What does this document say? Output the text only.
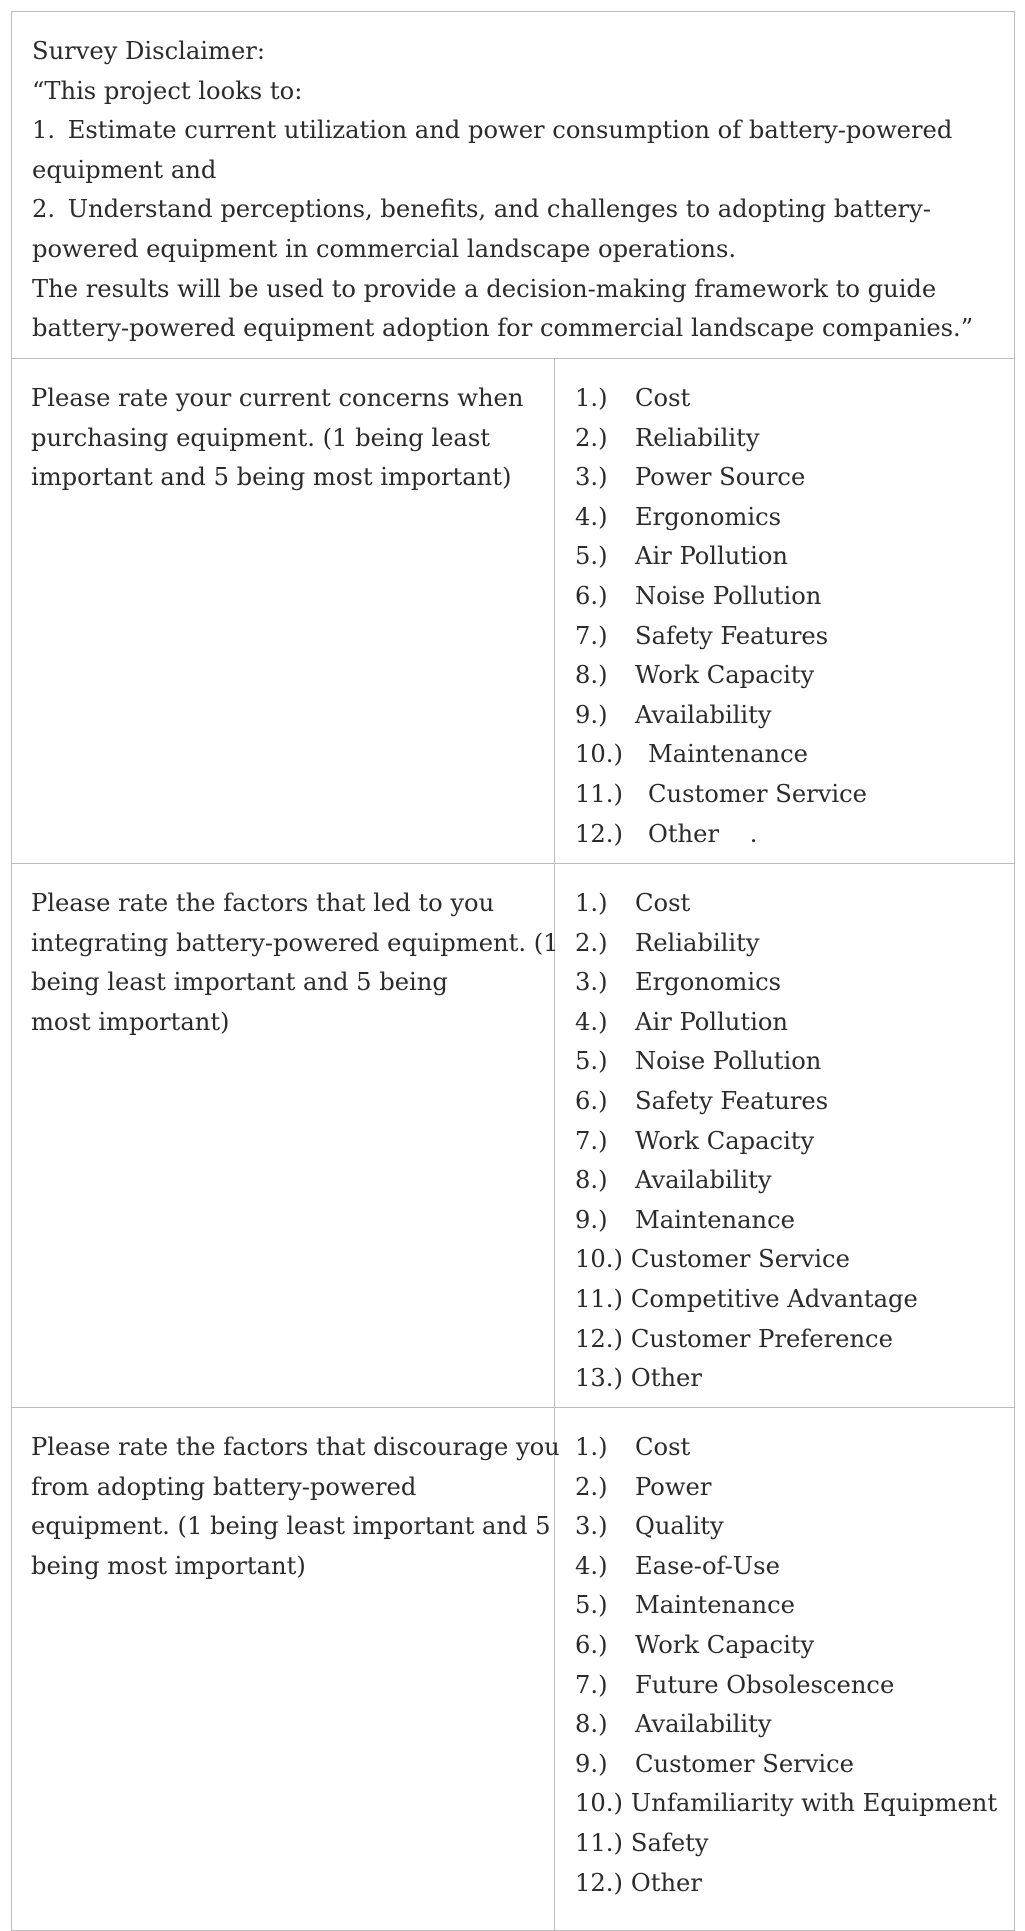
Survey Disclaimer:
“This project looks to:
1. Estimate current utilization and power consumption of battery-powered
equipment and
2. Understand perceptions, benefits, and challenges to adopting battery-
powered equipment in commercial landscape operations.
The results will be used to provide a decision-making framework to guide
battery-powered equipment adoption for commercial landscape companies.”
Please rate your current concerns when
purchasing equipment. (1 being least
important and 5 being most important)
1.) Cost
2.) Reliability
3.) Power Source
4.) Ergonomics
5.) Air Pollution
6.) Noise Pollution
7.) Safety Features
8.) Work Capacity
9.) Availability
10.) Maintenance
11.) Customer Service
12.) Other    .
Please rate the factors that led to you
integrating battery-powered equipment. (1
being least important and 5 being
most important)
1.) Cost
2.) Reliability
3.) Ergonomics
4.) Air Pollution
5.) Noise Pollution
6.) Safety Features
7.) Work Capacity
8.) Availability
9.) Maintenance
10.) Customer Service
11.) Competitive Advantage
12.) Customer Preference
13.) Other
Please rate the factors that discourage you
from adopting battery-powered
equipment. (1 being least important and 5
being most important)
1.) Cost
2.) Power
3.) Quality
4.) Ease-of-Use
5.) Maintenance
6.) Work Capacity
7.) Future Obsolescence
8.) Availability
9.) Customer Service
10.) Unfamiliarity with Equipment
11.) Safety
12.) Other
